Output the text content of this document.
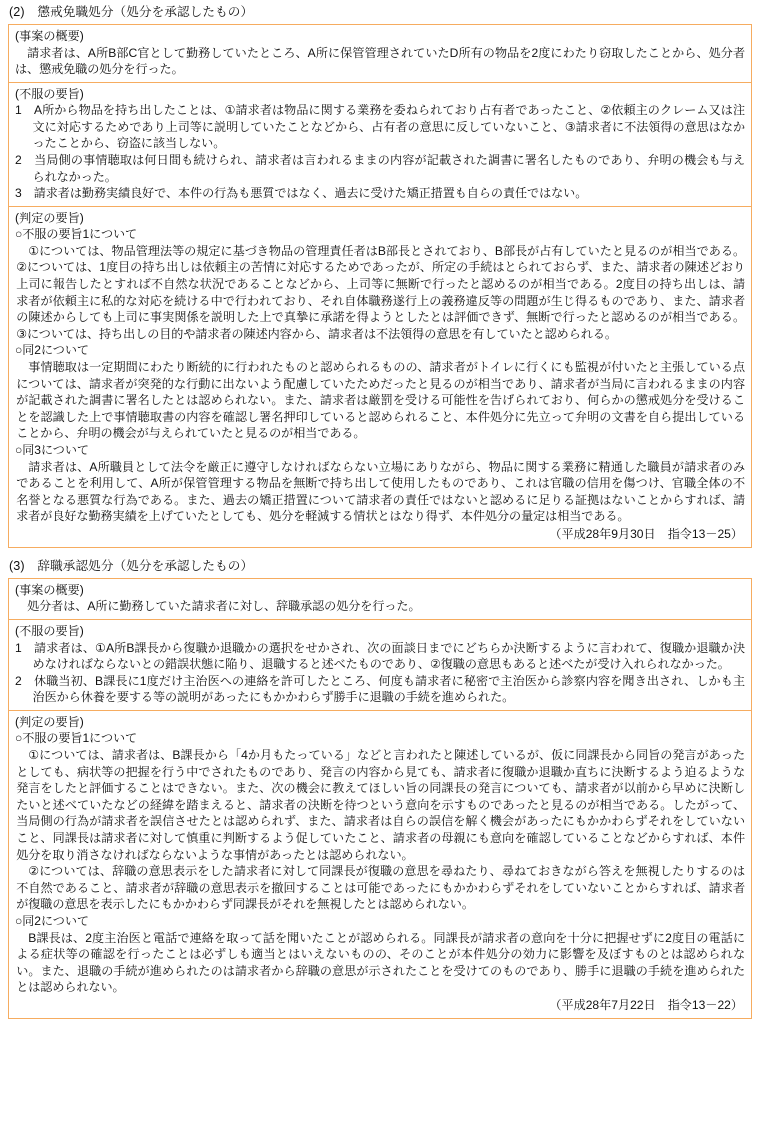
(2)　懲戒免職処分（処分を承認したもの）
(事案の概要)

請求者は、A所B部C官として勤務していたところ、A所に保管管理されていたD所有の物品を2度にわたり窃取したことから、処分者は、懲戒免職の処分を行った。

(不服の要旨)

1　A所から物品を持ち出したことは、①請求者は物品に関する業務を委ねられており占有者であったこと、②依頼主のクレーム又は注文に対応するためであり上司等に説明していたことなどから、占有者の意思に反していないこと、③請求者に不法領得の意思はなかったことから、窃盗に該当しない。

2　当局側の事情聴取は何日間も続けられ、請求者は言われるままの内容が記載された調書に署名したものであり、弁明の機会も与えられなかった。

3　請求者は勤務実績良好で、本件の行為も悪質ではなく、過去に受けた矯正措置も自らの責任ではない。

(判定の要旨)

○不服の要旨1について

①については、物品管理法等の規定に基づき物品の管理責任者はB部長とされており、B部長が占有していたと見るのが相当である。②については、1度目の持ち出しは依頼主の苦情に対応するためであったが、所定の手続はとられておらず、また、請求者の陳述どおり上司に報告したとすれば不自然な状況であることなどから、上司等に無断で行ったと認めるのが相当である。2度目の持ち出しは、請求者が依頼主に私的な対応を続ける中で行われており、それ自体職務遂行上の義務違反等の問題が生じ得るものであり、また、請求者の陳述からしても上司に事実関係を説明した上で真摯に承諾を得ようとしたとは評価できず、無断で行ったと認めるのが相当である。③については、持ち出しの目的や請求者の陳述内容から、請求者は不法領得の意思を有していたと認められる。

○同2について

事情聴取は一定期間にわたり断続的に行われたものと認められるものの、請求者がトイレに行くにも監視が付いたと主張している点については、請求者が突発的な行動に出ないよう配慮していたためだったと見るのが相当であり、請求者が当局に言われるままの内容が記載された調書に署名したとは認められない。また、請求者は厳罰を受ける可能性を告げられており、何らかの懲戒処分を受けることを認識した上で事情聴取書の内容を確認し署名押印していると認められること、本件処分に先立って弁明の文書を自ら提出していることから、弁明の機会が与えられていたと見るのが相当である。

○同3について

請求者は、A所職員として法令を厳正に遵守しなければならない立場にありながら、物品に関する業務に精通した職員が請求者のみであることを利用して、A所が保管管理する物品を無断で持ち出して使用したものであり、これは官職の信用を傷つけ、官職全体の不名誉となる悪質な行為である。また、過去の矯正措置について請求者の責任ではないと認めるに足りる証拠はないことからすれば、請求者が良好な勤務実績を上げていたとしても、処分を軽減する情状とはなり得ず、本件処分の量定は相当である。

（平成28年9月30日　指令13－25）
(3)　辞職承認処分（処分を承認したもの）
(事案の概要)

処分者は、A所に勤務していた請求者に対し、辞職承認の処分を行った。

(不服の要旨)

1　請求者は、①A所B課長から復職か退職かの選択をせかされ、次の面談日までにどちらか決断するように言われて、復職か退職か決めなければならないとの錯誤状態に陥り、退職すると述べたものであり、②復職の意思もあると述べたが受け入れられなかった。

2　休職当初、B課長に1度だけ主治医への連絡を許可したところ、何度も請求者に秘密で主治医から診察内容を聞き出され、しかも主治医から休養を要する等の説明があったにもかかわらず勝手に退職の手続を進められた。

(判定の要旨)

○不服の要旨1について

①については、請求者は、B課長から「4か月もたっている」などと言われたと陳述しているが、仮に同課長から同旨の発言があったとしても、病状等の把握を行う中でされたものであり、発言の内容から見ても、請求者に復職か退職か直ちに決断するよう迫るような発言をしたと評価することはできない。また、次の機会に教えてほしい旨の同課長の発言についても、請求者が以前から早めに決断したいと述べていたなどの経緯を踏まえると、請求者の決断を待つという意向を示すものであったと見るのが相当である。したがって、当局側の行為が請求者を誤信させたとは認められず、また、請求者は自らの誤信を解く機会があったにもかかわらずそれをしていないこと、同課長は請求者に対して慎重に判断するよう促していたこと、請求者の母親にも意向を確認していることなどからすれば、本件処分を取り消さなければならないような事情があったとは認められない。

②については、辞職の意思表示をした請求者に対して同課長が復職の意思を尋ねたり、尋ねておきながら答えを無視したりするのは不自然であること、請求者が辞職の意思表示を撤回することは可能であったにもかかわらずそれをしていないことからすれば、請求者が復職の意思を表示したにもかかわらず同課長がそれを無視したとは認められない。

○同2について

B課長は、2度主治医と電話で連絡を取って話を聞いたことが認められる。同課長が請求者の意向を十分に把握せずに2度目の電話による症状等の確認を行ったことは必ずしも適当とはいえないものの、そのことが本件処分の効力に影響を及ぼすものとは認められない。また、退職の手続が進められたのは請求者から辞職の意思が示されたことを受けてのものであり、勝手に退職の手続を進められたとは認められない。

（平成28年7月22日　指令13－22）
